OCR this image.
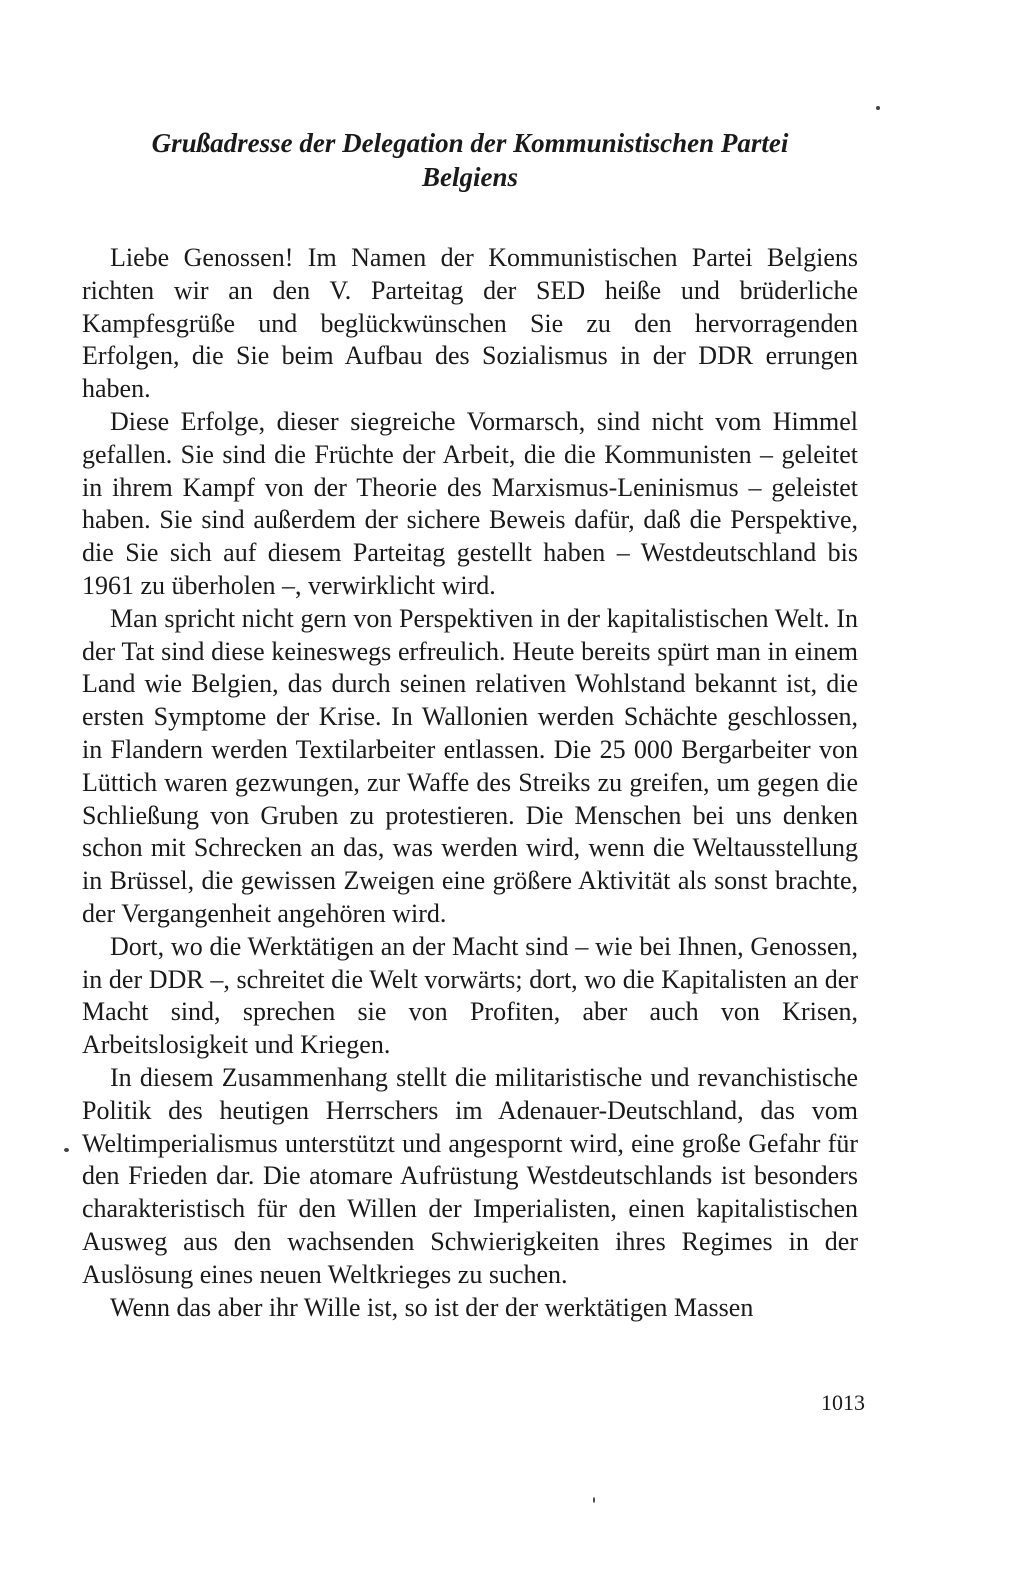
Grußadresse der Delegation der Kommunistischen Partei
Belgiens

Liebe Genossen! Im Namen der Kommunistischen Partei Belgiens richten wir an den V. Parteitag der SED heiße und brüderliche Kampfesgrüße und beglückwünschen Sie zu den hervorragenden Erfolgen, die Sie beim Aufbau des Sozialismus in der DDR errungen haben.

Diese Erfolge, dieser siegreiche Vormarsch, sind nicht vom Himmel gefallen. Sie sind die Früchte der Arbeit, die die Kommunisten – geleitet in ihrem Kampf von der Theorie des Marxismus-Leninismus – geleistet haben. Sie sind außerdem der sichere Beweis dafür, daß die Perspektive, die Sie sich auf diesem Parteitag gestellt haben – Westdeutschland bis 1961 zu überholen –, verwirklicht wird.

Man spricht nicht gern von Perspektiven in der kapitalistischen Welt. In der Tat sind diese keineswegs erfreulich. Heute bereits spürt man in einem Land wie Belgien, das durch seinen relativen Wohlstand bekannt ist, die ersten Symptome der Krise. In Wallonien werden Schächte geschlossen, in Flandern werden Textilarbeiter entlassen. Die 25 000 Bergarbeiter von Lüttich waren gezwungen, zur Waffe des Streiks zu greifen, um gegen die Schließung von Gruben zu protestieren. Die Menschen bei uns denken schon mit Schrecken an das, was werden wird, wenn die Weltausstellung in Brüssel, die gewissen Zweigen eine größere Aktivität als sonst brachte, der Vergangenheit angehören wird.

Dort, wo die Werktätigen an der Macht sind – wie bei Ihnen, Genossen, in der DDR –, schreitet die Welt vorwärts; dort, wo die Kapitalisten an der Macht sind, sprechen sie von Profiten, aber auch von Krisen, Arbeitslosigkeit und Kriegen.

In diesem Zusammenhang stellt die militaristische und revanchistische Politik des heutigen Herrschers im Adenauer-Deutschland, das vom Weltimperialismus unterstützt und angespornt wird, eine große Gefahr für den Frieden dar. Die atomare Aufrüstung Westdeutschlands ist besonders charakteristisch für den Willen der Imperialisten, einen kapitalistischen Ausweg aus den wachsenden Schwierigkeiten ihres Regimes in der Auslösung eines neuen Weltkrieges zu suchen.

Wenn das aber ihr Wille ist, so ist der der werktätigen Massen

1013
